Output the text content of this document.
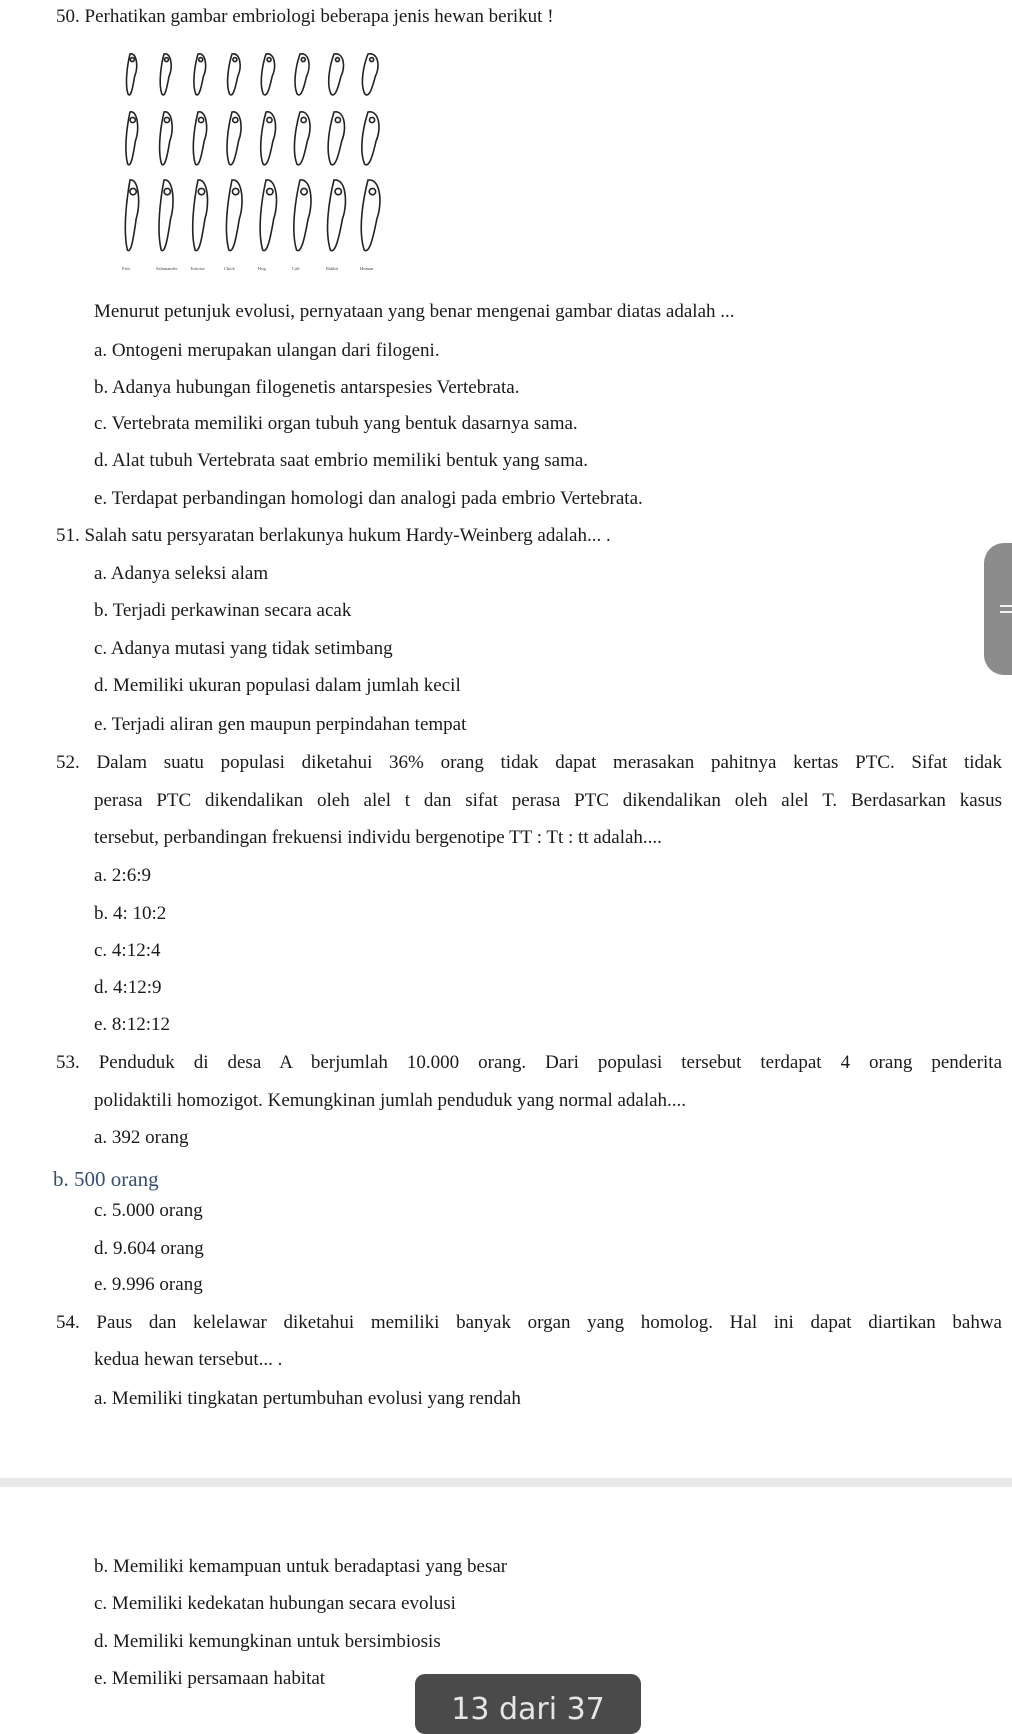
50. Perhatikan gambar embriologi beberapa jenis hewan berikut !
Fish	Salamander	Tortoise	Chick	Hog	Calf	Rabbit	Human
Menurut petunjuk evolusi, pernyataan yang benar mengenai gambar diatas adalah ...
a. Ontogeni merupakan ulangan dari filogeni.
b. Adanya hubungan filogenetis antarspesies Vertebrata.
c. Vertebrata memiliki organ tubuh yang bentuk dasarnya sama.
d. Alat tubuh Vertebrata saat embrio memiliki bentuk yang sama.
e. Terdapat perbandingan homologi dan analogi pada embrio Vertebrata.
51. Salah satu persyaratan berlakunya hukum Hardy-Weinberg adalah... .
a. Adanya seleksi alam
b. Terjadi perkawinan secara acak
c. Adanya mutasi yang tidak setimbang
d. Memiliki ukuran populasi dalam jumlah kecil
e. Terjadi aliran gen maupun perpindahan tempat
52. Dalam suatu populasi diketahui 36% orang tidak dapat merasakan pahitnya kertas PTC. Sifat tidak
perasa PTC dikendalikan oleh alel t dan sifat perasa PTC dikendalikan oleh alel T. Berdasarkan kasus
tersebut, perbandingan frekuensi individu bergenotipe TT : Tt : tt adalah....
a. 2:6:9
b. 4: 10:2
c. 4:12:4
d. 4:12:9
e. 8:12:12
53. Penduduk di desa A berjumlah 10.000 orang. Dari populasi tersebut terdapat 4 orang penderita
polidaktili homozigot. Kemungkinan jumlah penduduk yang normal adalah....
a. 392 orang
b. 500 orang
c. 5.000 orang
d. 9.604 orang
e. 9.996 orang
54. Paus dan kelelawar diketahui memiliki banyak organ yang homolog. Hal ini dapat diartikan bahwa
kedua hewan tersebut... .
a. Memiliki tingkatan pertumbuhan evolusi yang rendah
b. Memiliki kemampuan untuk beradaptasi yang besar
c. Memiliki kedekatan hubungan secara evolusi
d. Memiliki kemungkinan untuk bersimbiosis
e. Memiliki persamaan habitat
13 dari 37
